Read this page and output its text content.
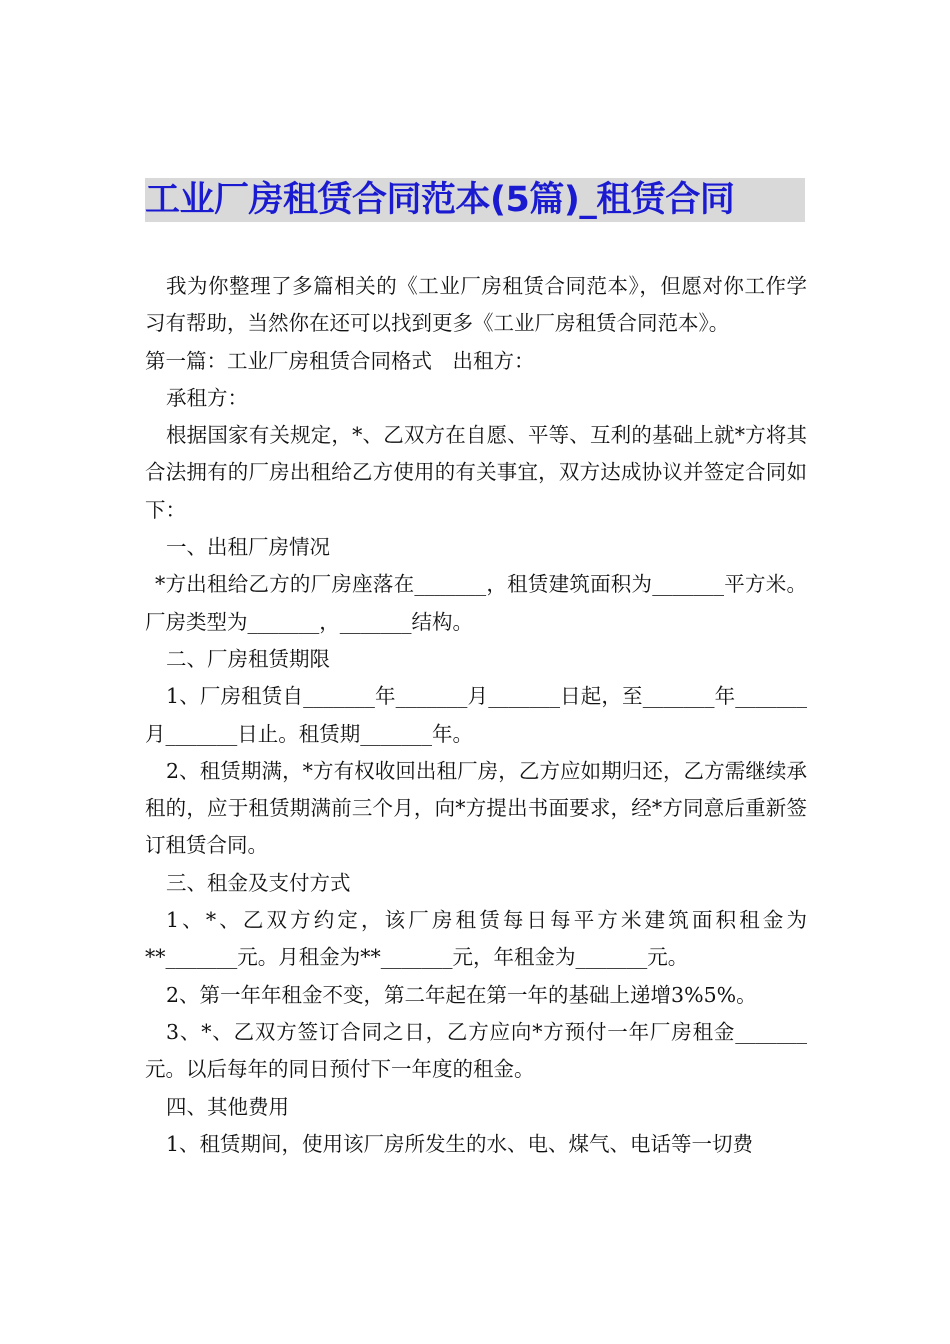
工业厂房租赁合同范本(5篇)_租赁合同

我为你整理了多篇相关的《工业厂房租赁合同范本》，但愿对你工作学习有帮助，当然你在还可以找到更多《工业厂房租赁合同范本》。

第一篇：工业厂房租赁合同格式　出租方：

承租方：

根据国家有关规定，*、乙双方在自愿、平等、互利的基础上就*方将其合法拥有的厂房出租给乙方使用的有关事宜，双方达成协议并签定合同如下：

一、出租厂房情况

*方出租给乙方的厂房座落在_______，租赁建筑面积为_______平方米。厂房类型为_______，_______结构。

二、厂房租赁期限

1、厂房租赁自_______年_______月_______日起，至_______年_______月_______日止。租赁期_______年。

2、租赁期满，*方有权收回出租厂房，乙方应如期归还，乙方需继续承租的，应于租赁期满前三个月，向*方提出书面要求，经*方同意后重新签订租赁合同。

三、租金及支付方式

1、*、乙双方约定，该厂房租赁每日每平方米建筑面积租金为**_______元。月租金为**_______元，年租金为_______元。

2、第一年年租金不变，第二年起在第一年的基础上递增3%5%。

3、*、乙双方签订合同之日，乙方应向*方预付一年厂房租金_______元。以后每年的同日预付下一年度的租金。

四、其他费用

1、租赁期间，使用该厂房所发生的水、电、煤气、电话等一切费
